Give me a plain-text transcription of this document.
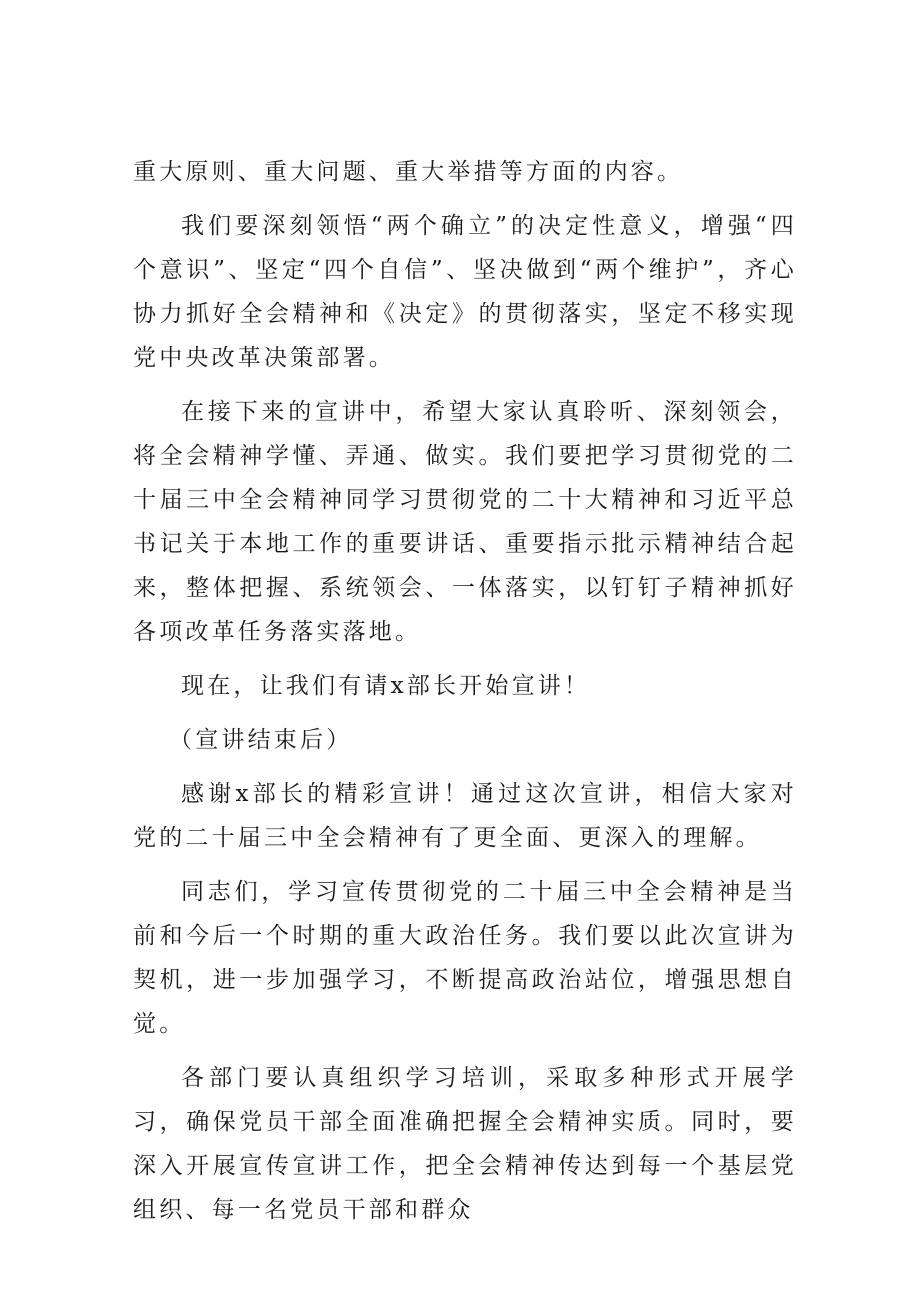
重大原则、重大问题、重大举措等方面的内容。

我们要深刻领悟“两个确立”的决定性意义，增强“四个意识”、坚定“四个自信”、坚决做到“两个维护”，齐心协力抓好全会精神和《决定》的贯彻落实，坚定不移实现党中央改革决策部署。

在接下来的宣讲中，希望大家认真聆听、深刻领会，将全会精神学懂、弄通、做实。我们要把学习贯彻党的二十届三中全会精神同学习贯彻党的二十大精神和习近平总书记关于本地工作的重要讲话、重要指示批示精神结合起来，整体把握、系统领会、一体落实，以钉钉子精神抓好各项改革任务落实落地。

现在，让我们有请x部长开始宣讲！

（宣讲结束后）

感谢x部长的精彩宣讲！通过这次宣讲，相信大家对党的二十届三中全会精神有了更全面、更深入的理解。

同志们，学习宣传贯彻党的二十届三中全会精神是当前和今后一个时期的重大政治任务。我们要以此次宣讲为契机，进一步加强学习，不断提高政治站位，增强思想自觉。

各部门要认真组织学习培训，采取多种形式开展学习，确保党员干部全面准确把握全会精神实质。同时，要深入开展宣传宣讲工作，把全会精神传达到每一个基层党组织、每一名党员干部和群众
